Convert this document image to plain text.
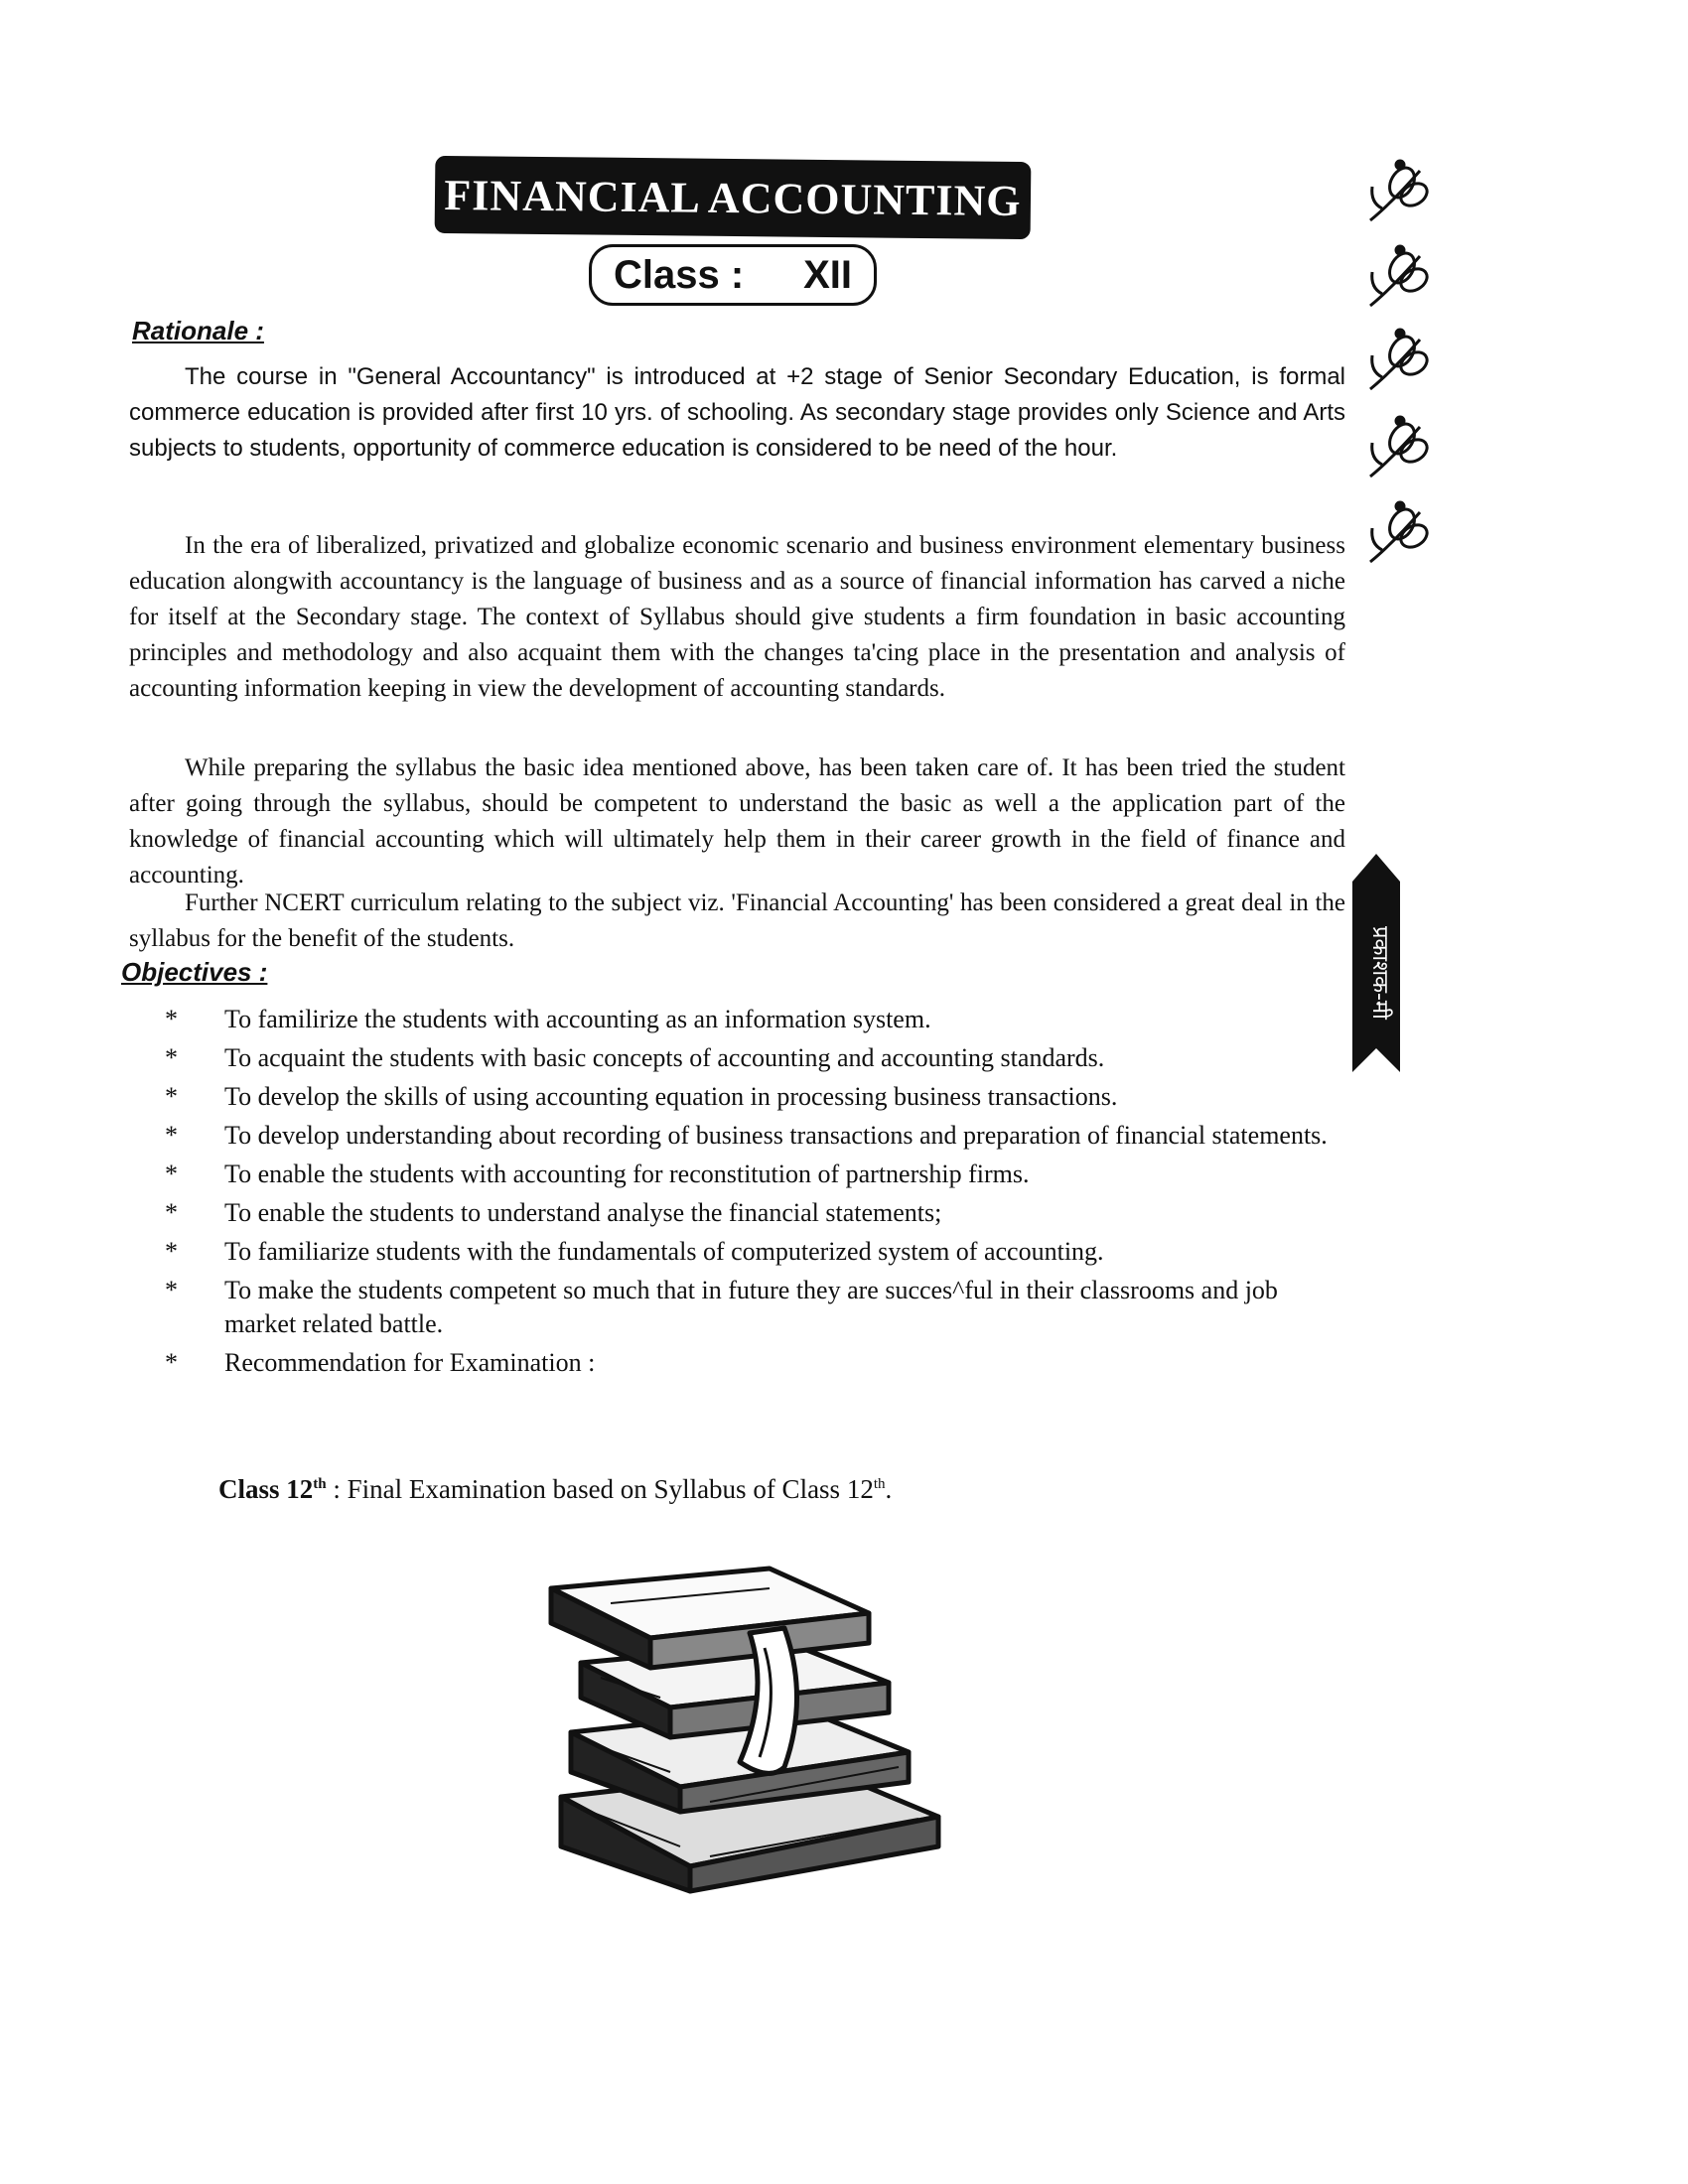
FINANCIAL ACCOUNTING
Class : XII
प्रकाशक-मी
Rationale :

The course in "General Accountancy" is introduced at +2 stage of Senior Secondary Education, is formal commerce education is provided after first 10 yrs. of schooling. As secondary stage provides only Science and Arts subjects to students, opportunity of commerce education is considered to be need of the hour.

In the era of liberalized, privatized and globalize economic scenario and business environment elementary business education alongwith accountancy is the language of business and as a source of financial information has carved a niche for itself at the Secondary stage. The context of Syllabus should give students a firm foundation in basic accounting principles and methodology and also acquaint them with the changes ta'cing place in the presentation and analysis of accounting information keeping in view the development of accounting standards.

While preparing the syllabus the basic idea mentioned above, has been taken care of. It has been tried the student after going through the syllabus, should be competent to understand the basic as well a the application part of the knowledge of financial accounting which will ultimately help them in their career growth in the field of finance and accounting.

Further NCERT curriculum relating to the subject viz. 'Financial Accounting' has been considered a great deal in the syllabus for the benefit of the students.

Objectives :
* To familirize the students with accounting as an information system.
* To acquaint the students with basic concepts of accounting and accounting standards.
* To develop the skills of using accounting equation in processing business transactions.
* To develop understanding about recording of business transactions and preparation of financial statements.
* To enable the students with accounting for reconstitution of partnership firms.
* To enable the students to understand analyse the financial statements;
* To familiarize students with the fundamentals of computerized system of accounting.
* To make the students competent so much that in future they are succes^ful in their classrooms and job market related battle.
* Recommendation for Examination :
Class 12th : Final Examination based on Syllabus of Class 12th.
